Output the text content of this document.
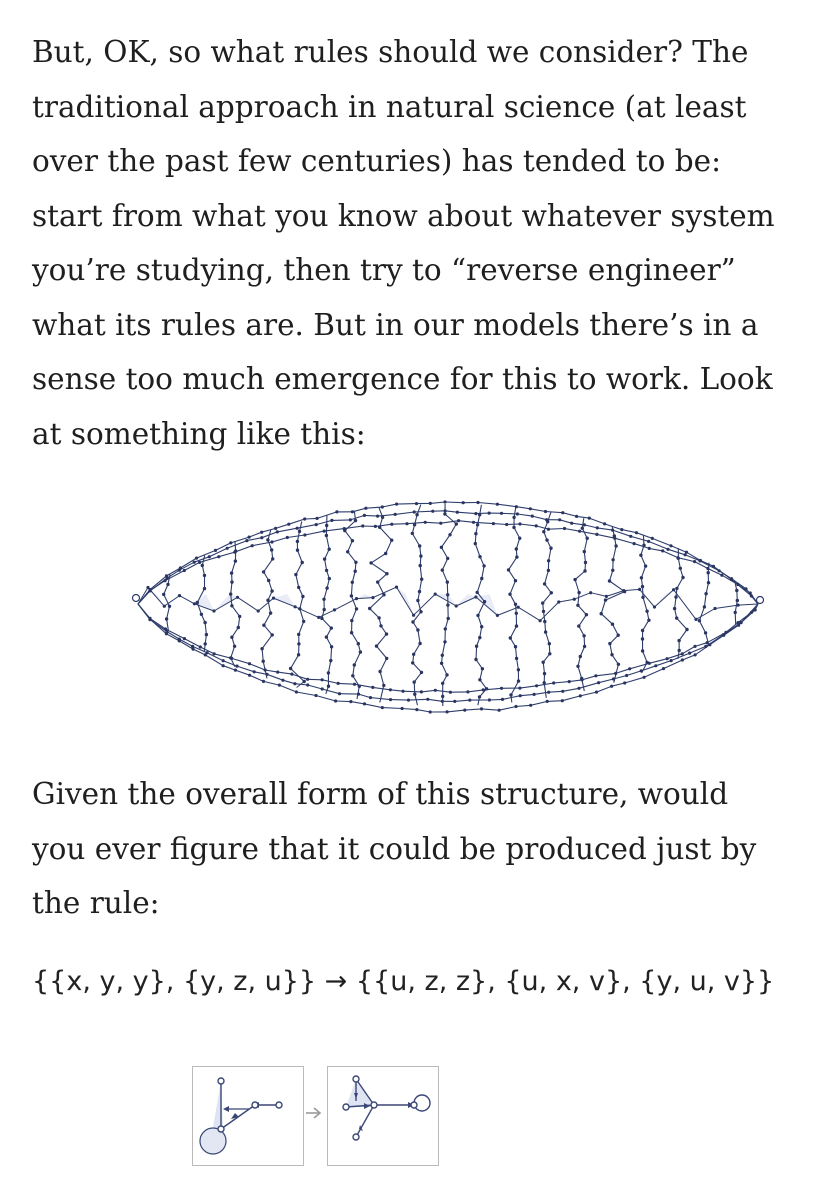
But, OK, so what rules should we consider? The
traditional approach in natural science (at least
over the past few centuries) has tended to be:
start from what you know about whatever system
you’re studying, then try to “reverse engineer”
what its rules are. But in our models there’s in a
sense too much emergence for this to work. Look
at something like this:
Given the overall form of this structure, would
you ever figure that it could be produced just by
the rule:
{{x, y, y}, {y, z, u}} → {{u, z, z}, {u, x, v}, {y, u, v}}
